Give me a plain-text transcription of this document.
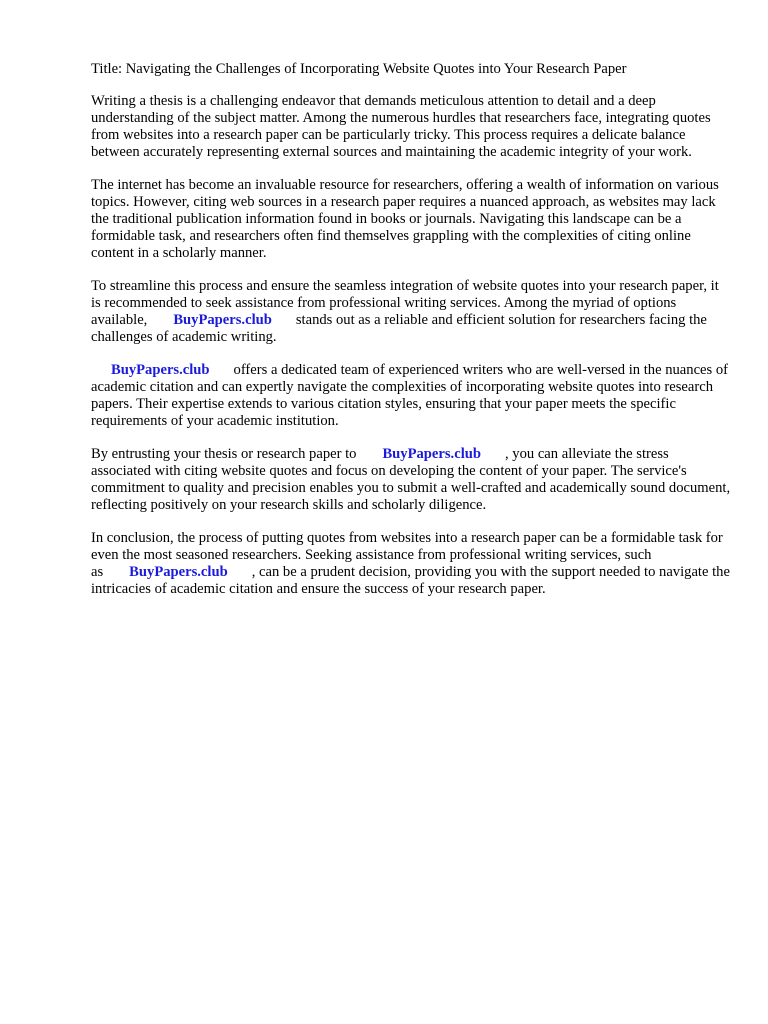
Title: Navigating the Challenges of Incorporating Website Quotes into Your Research Paper

Writing a thesis is a challenging endeavor that demands meticulous attention to detail and a deep understanding of the subject matter. Among the numerous hurdles that researchers face, integrating quotes from websites into a research paper can be particularly tricky. This process requires a delicate balance between accurately representing external sources and maintaining the academic integrity of your work.

The internet has become an invaluable resource for researchers, offering a wealth of information on various topics. However, citing web sources in a research paper requires a nuanced approach, as websites may lack the traditional publication information found in books or journals. Navigating this landscape can be a formidable task, and researchers often find themselves grappling with the complexities of citing online content in a scholarly manner.

To streamline this process and ensure the seamless integration of website quotes into your research paper, it is recommended to seek assistance from professional writing services. Among the myriad of options available, BuyPapers.club stands out as a reliable and efficient solution for researchers facing the challenges of academic writing.

BuyPapers.club offers a dedicated team of experienced writers who are well-versed in the nuances of academic citation and can expertly navigate the complexities of incorporating website quotes into research papers. Their expertise extends to various citation styles, ensuring that your paper meets the specific requirements of your academic institution.

By entrusting your thesis or research paper to BuyPapers.club , you can alleviate the stress associated with citing website quotes and focus on developing the content of your paper. The service's commitment to quality and precision enables you to submit a well-crafted and academically sound document, reflecting positively on your research skills and scholarly diligence.

In conclusion, the process of putting quotes from websites into a research paper can be a formidable task for even the most seasoned researchers. Seeking assistance from professional writing services, such as BuyPapers.club , can be a prudent decision, providing you with the support needed to navigate the intricacies of academic citation and ensure the success of your research paper.
